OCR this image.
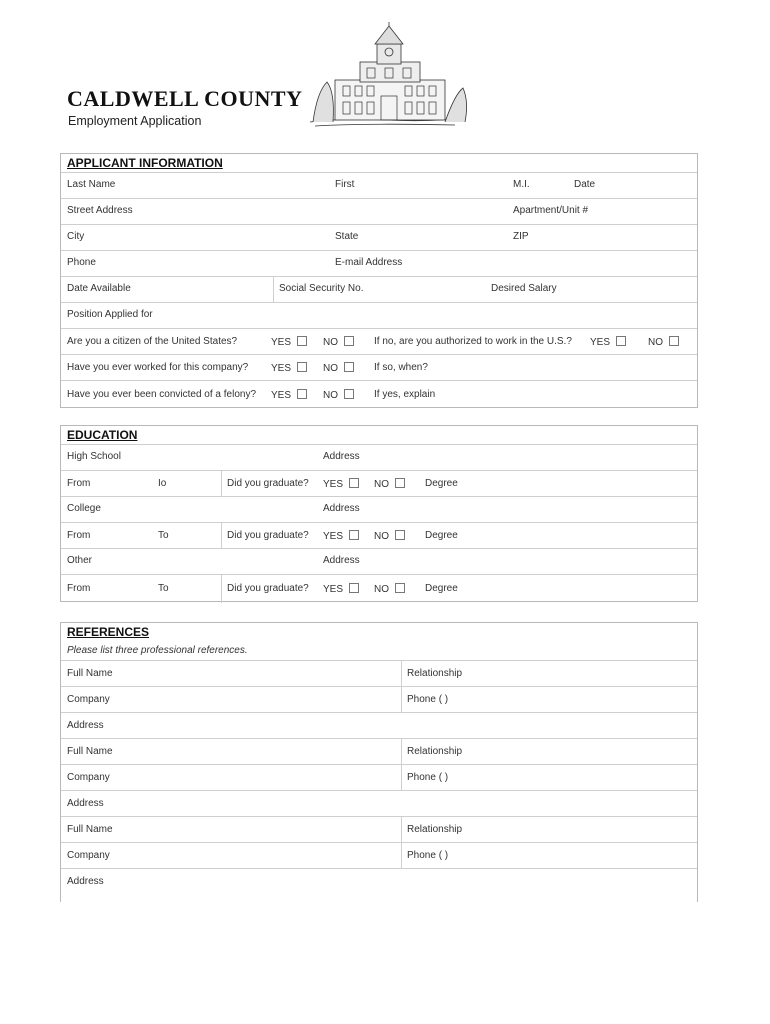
CALDWELL COUNTY
Employment Application
APPLICANT INFORMATION
Last Name	First	M.I.	Date
Street Address	Apartment/Unit #
City	State	ZIP
Phone	E-mail Address
Date Available	Social Security No.	Desired Salary
Position Applied for
Are you a citizen of the United States?	YES	NO	If no, are you authorized to work in the U.S.? YES	NO
Have you ever worked for this company? YES	NO	If so, when?
Have you ever been convicted of a felony? YES	NO	If yes, explain
EDUCATION
High School	Address
From	Io	Did you graduate? YES	NO	Degree
College	Address
From	To	Did you graduate? YES	NO	Degree
Other	Address
From	To	Did you graduate? YES	NO	Degree
REFERENCES
Please list three professional references.
Full Name	Relationship
Company	Phone ( )
Address
Full Name	Relationship
Company	Phone ( )
Address
Full Name	Relationship
Company	Phone ( )
Address
